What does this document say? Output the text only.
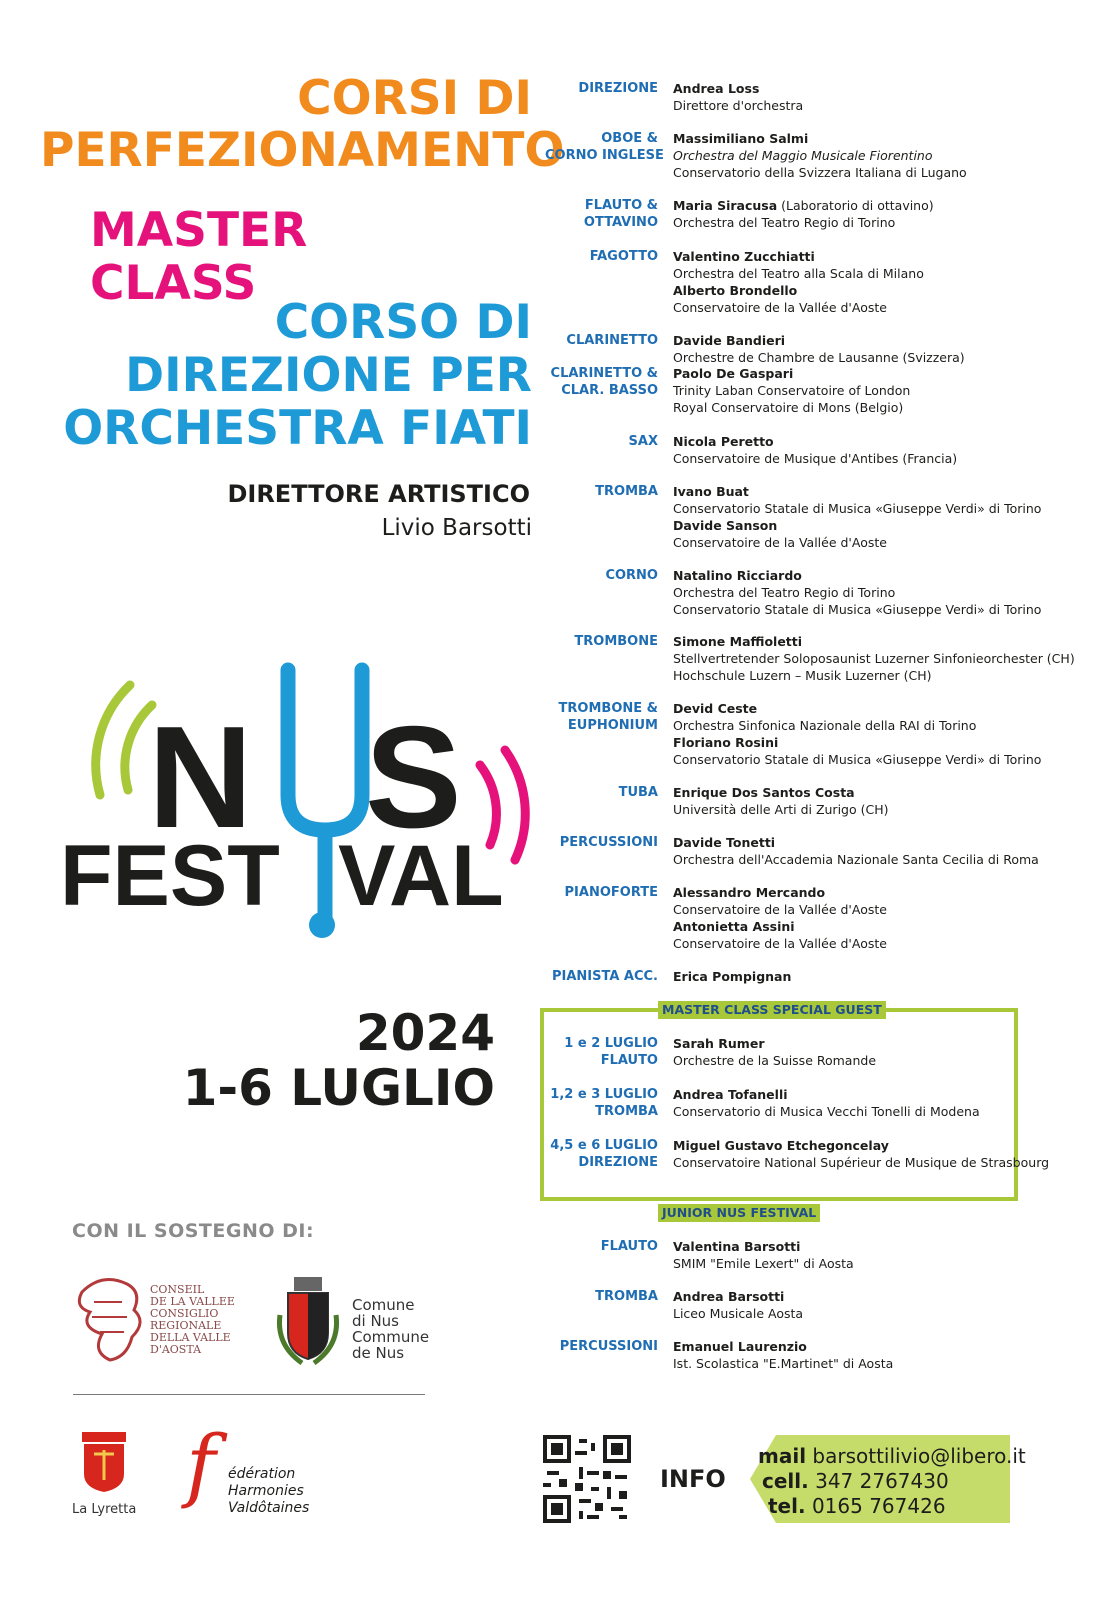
CORSI DI
PERFEZIONAMENTO
MASTER
CLASS
CORSO DI
DIREZIONE PER
ORCHESTRA FIATI
DIRETTORE ARTISTICO
Livio Barsotti
N S
FEST VAL
2024
1-6 LUGLIO
CON IL SOSTEGNO DI:
CONSEIL
DE LA VALLEE
CONSIGLIO
REGIONALE
DELLA VALLE
D'AOSTA
Comune
di Nus
Commune
de Nus
La Lyretta f édération
Harmonies
Valdôtaines
DIREZIONE Andrea Loss
Direttore d'orchestra
OBOE &
CORNO INGLESE
Massimiliano Salmi
Orchestra del Maggio Musicale Fiorentino
Conservatorio della Svizzera Italiana di Lugano
FLAUTO &
OTTAVINO
Maria Siracusa (Laboratorio di ottavino)
Orchestra del Teatro Regio di Torino
FAGOTTO Valentino Zucchiatti
Orchestra del Teatro alla Scala di Milano
Alberto Brondello
Conservatoire de la Vallée d'Aoste
CLARINETTO Davide Bandieri
Orchestre de Chambre de Lausanne (Svizzera)
CLARINETTO &
CLAR. BASSO
Paolo De Gaspari
Trinity Laban Conservatoire of London
Royal Conservatoire di Mons (Belgio)
SAX Nicola Peretto
Conservatoire de Musique d'Antibes (Francia)
TROMBA Ivano Buat
Conservatorio Statale di Musica «Giuseppe Verdi» di Torino
Davide Sanson
Conservatoire de la Vallée d'Aoste
CORNO Natalino Ricciardo
Orchestra del Teatro Regio di Torino
Conservatorio Statale di Musica «Giuseppe Verdi» di Torino
TROMBONE Simone Maffioletti
Stellvertretender Soloposaunist Luzerner Sinfonieorchester (CH)
Hochschule Luzern – Musik Luzerner (CH)
TROMBONE &
EUPHONIUM
Devid Ceste
Orchestra Sinfonica Nazionale della RAI di Torino
Floriano Rosini
Conservatorio Statale di Musica «Giuseppe Verdi» di Torino
TUBA Enrique Dos Santos Costa
Università delle Arti di Zurigo (CH)
PERCUSSIONI Davide Tonetti
Orchestra dell'Accademia Nazionale Santa Cecilia di Roma
PIANOFORTE Alessandro Mercando
Conservatoire de la Vallée d'Aoste
Antonietta Assini
Conservatoire de la Vallée d'Aoste
PIANISTA ACC. Erica Pompignan
MASTER CLASS SPECIAL GUEST
1 e 2 LUGLIO
FLAUTO
Sarah Rumer
Orchestre de la Suisse Romande
1,2 e 3 LUGLIO
TROMBA
Andrea Tofanelli
Conservatorio di Musica Vecchi Tonelli di Modena
4,5 e 6 LUGLIO
DIREZIONE
Miguel Gustavo Etchegoncelay
Conservatoire National Supérieur de Musique de Strasbourg
JUNIOR NUS FESTIVAL
FLAUTO Valentina Barsotti
SMIM "Emile Lexert" di Aosta
TROMBA Andrea Barsotti
Liceo Musicale Aosta
PERCUSSIONI Emanuel Laurenzio
Ist. Scolastica "E.Martinet" di Aosta
INFO
mail barsottilivio@libero.it
cell. 347 2767430
tel. 0165 767426
